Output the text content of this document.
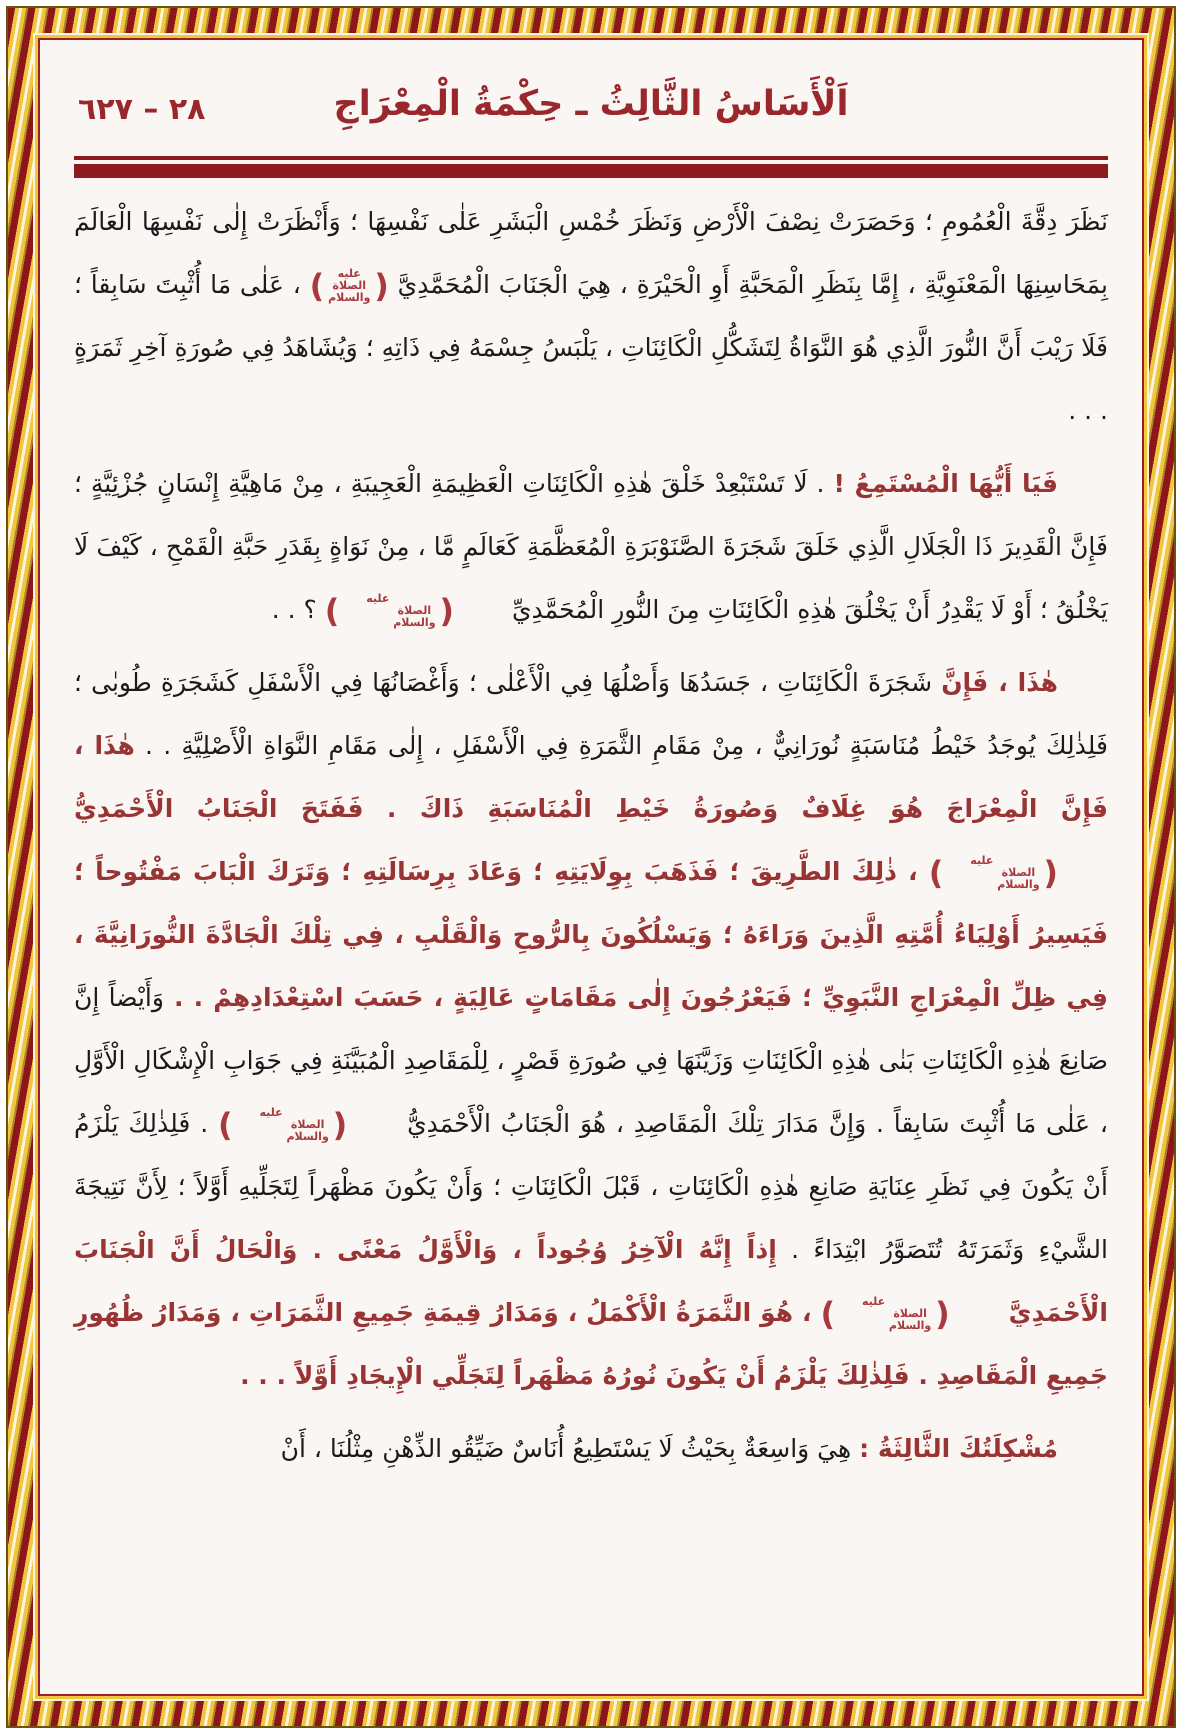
٢٨ – ٦٢٧	اَلْأَسَاسُ الثَّالِثُ ـ حِكْمَةُ الْمِعْرَاجِ

نَظَرَ دِقَّةَ الْعُمُومِ ؛ وَحَصَرَتْ نِصْفَ الْأَرْضِ وَنَظَرَ خُمْسِ الْبَشَرِ عَلٰى نَفْسِهَا ؛ وَأَنْظَرَتْ إِلٰى نَفْسِهَا الْعَالَمَ بِمَحَاسِنِهَا الْمَعْنَوِيَّةِ ، إِمَّا بِنَظَرِ الْمَحَبَّةِ أَوِ الْحَيْرَةِ ، هِيَ الْجَنَابَ الْمُحَمَّدِيَّ
(
عليه الصلاة والسلام
)
، عَلٰى مَا أُثْبِتَ سَابِقاً ؛ فَلَا رَيْبَ أَنَّ النُّورَ الَّذِي هُوَ النَّوَاةُ لِتَشَكُّلِ الْكَائِنَاتِ ، يَلْبَسُ جِسْمَهُ فِي ذَاتِهِ ؛ وَيُشَاهَدُ فِي صُورَةِ آخِرِ ثَمَرَةٍ . . .

فَيَا أَيُّهَا الْمُسْتَمِعُ ! . لَا تَسْتَبْعِدْ خَلْقَ هٰذِهِ الْكَائِنَاتِ الْعَظِيمَةِ الْعَجِيبَةِ ، مِنْ مَاهِيَّةِ إِنْسَانٍ جُزْئِيَّةٍ ؛ فَإِنَّ الْقَدِيرَ ذَا الْجَلَالِ الَّذِي خَلَقَ شَجَرَةَ الصَّنَوْبَرَةِ الْمُعَظَّمَةِ كَعَالَمٍ مَّا ، مِنْ نَوَاةٍ بِقَدَرِ حَبَّةِ الْقَمْحِ ، كَيْفَ لَا يَخْلُقُ ؛ أَوْ لَا يَقْدِرُ أَنْ يَخْلُقَ هٰذِهِ الْكَائِنَاتِ مِنَ النُّورِ الْمُحَمَّدِيِّ
(
عليه الصلاة والسلام
)
؟ . .

هٰذَا ، فَإِنَّ شَجَرَةَ الْكَائِنَاتِ ، جَسَدُهَا وَأَصْلُهَا فِي الْأَعْلٰى ؛ وَأَغْصَانُهَا فِي الْأَسْفَلِ كَشَجَرَةِ طُوبٰى ؛ فَلِذٰلِكَ يُوجَدُ خَيْطُ مُنَاسَبَةٍ نُورَانِيٌّ ، مِنْ مَقَامِ الثَّمَرَةِ فِي الْأَسْفَلِ ، إِلٰى مَقَامِ النَّوَاةِ الْأَصْلِيَّةِ . . هٰذَا ، فَإِنَّ الْمِعْرَاجَ هُوَ غِلَافٌ وَصُورَةُ خَيْطِ الْمُنَاسَبَةِ ذَاكَ . فَفَتَحَ الْجَنَابُ الْأَحْمَدِيُّ
(
عليه الصلاة والسلام
)
، ذٰلِكَ الطَّرِيقَ ؛ فَذَهَبَ بِوِلَايَتِهِ ؛ وَعَادَ بِرِسَالَتِهِ ؛ وَتَرَكَ الْبَابَ مَفْتُوحاً ؛ فَيَسِيرُ أَوْلِيَاءُ أُمَّتِهِ الَّذِينَ وَرَاءَهُ ؛ وَيَسْلُكُونَ بِالرُّوحِ وَالْقَلْبِ ، فِي تِلْكَ الْجَادَّةَ النُّورَانِيَّةَ ، فِي ظِلِّ الْمِعْرَاجِ النَّبَوِيِّ ؛ فَيَعْرُجُونَ إِلٰى مَقَامَاتٍ عَالِيَةٍ ، حَسَبَ اسْتِعْدَادِهِمْ . . وَأَيْضاً إِنَّ صَانِعَ هٰذِهِ الْكَائِنَاتِ بَنٰى هٰذِهِ الْكَائِنَاتِ وَزَيَّنَهَا فِي صُورَةِ قَصْرٍ ، لِلْمَقَاصِدِ الْمُبَيَّنَةِ فِي جَوَابِ الْإِشْكَالِ الْأَوَّلِ ، عَلٰى مَا أُثْبِتَ سَابِقاً . وَإِنَّ مَدَارَ تِلْكَ الْمَقَاصِدِ ، هُوَ الْجَنَابُ الْأَحْمَدِيُّ
(
عليه الصلاة والسلام
)
. فَلِذٰلِكَ يَلْزَمُ أَنْ يَكُونَ فِي نَظَرِ عِنَايَةِ صَانِعِ هٰذِهِ الْكَائِنَاتِ ، قَبْلَ الْكَائِنَاتِ ؛ وَأَنْ يَكُونَ مَظْهَراً لِتَجَلِّيهِ أَوَّلاً ؛ لِأَنَّ نَتِيجَةَ الشَّيْءِ وَثَمَرَتَهُ تُتَصَوَّرُ ابْتِدَاءً . إِذاً إِنَّهُ الْآخِرُ وُجُوداً ، وَالْأَوَّلُ مَعْنًى . وَالْحَالُ أَنَّ الْجَنَابَ الْأَحْمَدِيَّ
(
عليه الصلاة والسلام
)
، هُوَ الثَّمَرَةُ الْأَكْمَلُ ، وَمَدَارُ قِيمَةِ جَمِيعِ الثَّمَرَاتِ ، وَمَدَارُ ظُهُورِ جَمِيعِ الْمَقَاصِدِ . فَلِذٰلِكَ يَلْزَمُ أَنْ يَكُونَ نُورُهُ مَظْهَراً لِتَجَلِّي الْإِيجَادِ أَوَّلاً . . .

مُشْكِلَتُكَ الثَّالِثَةُ : هِيَ وَاسِعَةٌ بِحَيْثُ لَا يَسْتَطِيعُ أُنَاسٌ ضَيِّقُو الذِّهْنِ مِثْلُنَا ، أَنْ
